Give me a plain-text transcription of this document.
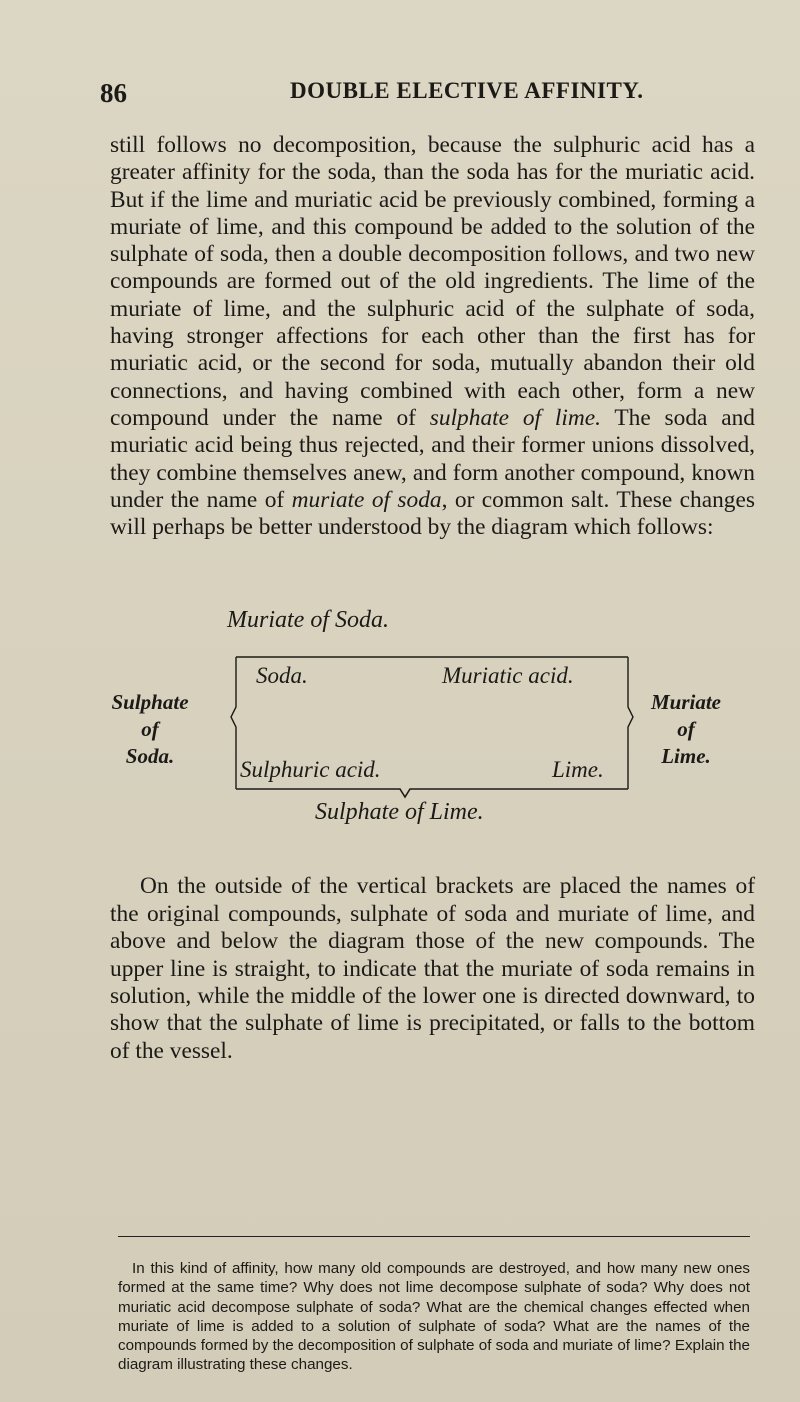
86	DOUBLE ELECTIVE AFFINITY.

still follows no decomposition, because the sulphuric acid has a greater affinity for the soda, than the soda has for the muriatic acid. But if the lime and muriatic acid be previously combined, forming a muriate of lime, and this compound be added to the solution of the sulphate of soda, then a double decomposition follows, and two new compounds are formed out of the old ingredients. The lime of the muriate of lime, and the sulphuric acid of the sulphate of soda, having stronger affections for each other than the first has for muriatic acid, or the second for soda, mutually abandon their old connections, and having combined with each other, form a new compound under the name of sulphate of lime. The soda and muriatic acid being thus rejected, and their former unions dissolved, they combine themselves anew, and form another compound, known under the name of muriate of soda, or common salt. These changes will perhaps be better understood by the diagram which follows:

Muriate of Soda.
Soda.	Muriatic acid.
Sulphuric acid.	Lime.
Sulphate of Lime.
Sulphate
of
Soda.
Muriate
of
Lime.

On the outside of the vertical brackets are placed the names of the original compounds, sulphate of soda and muriate of lime, and above and below the diagram those of the new compounds. The upper line is straight, to indicate that the muriate of soda remains in solution, while the middle of the lower one is directed downward, to show that the sulphate of lime is precipitated, or falls to the bottom of the vessel.

In this kind of affinity, how many old compounds are destroyed, and how many new ones formed at the same time? Why does not lime decompose sulphate of soda? Why does not muriatic acid decompose sulphate of soda? What are the chemical changes effected when muriate of lime is added to a solution of sulphate of soda? What are the names of the compounds formed by the decomposition of sulphate of soda and muriate of lime? Explain the diagram illustrating these changes.
